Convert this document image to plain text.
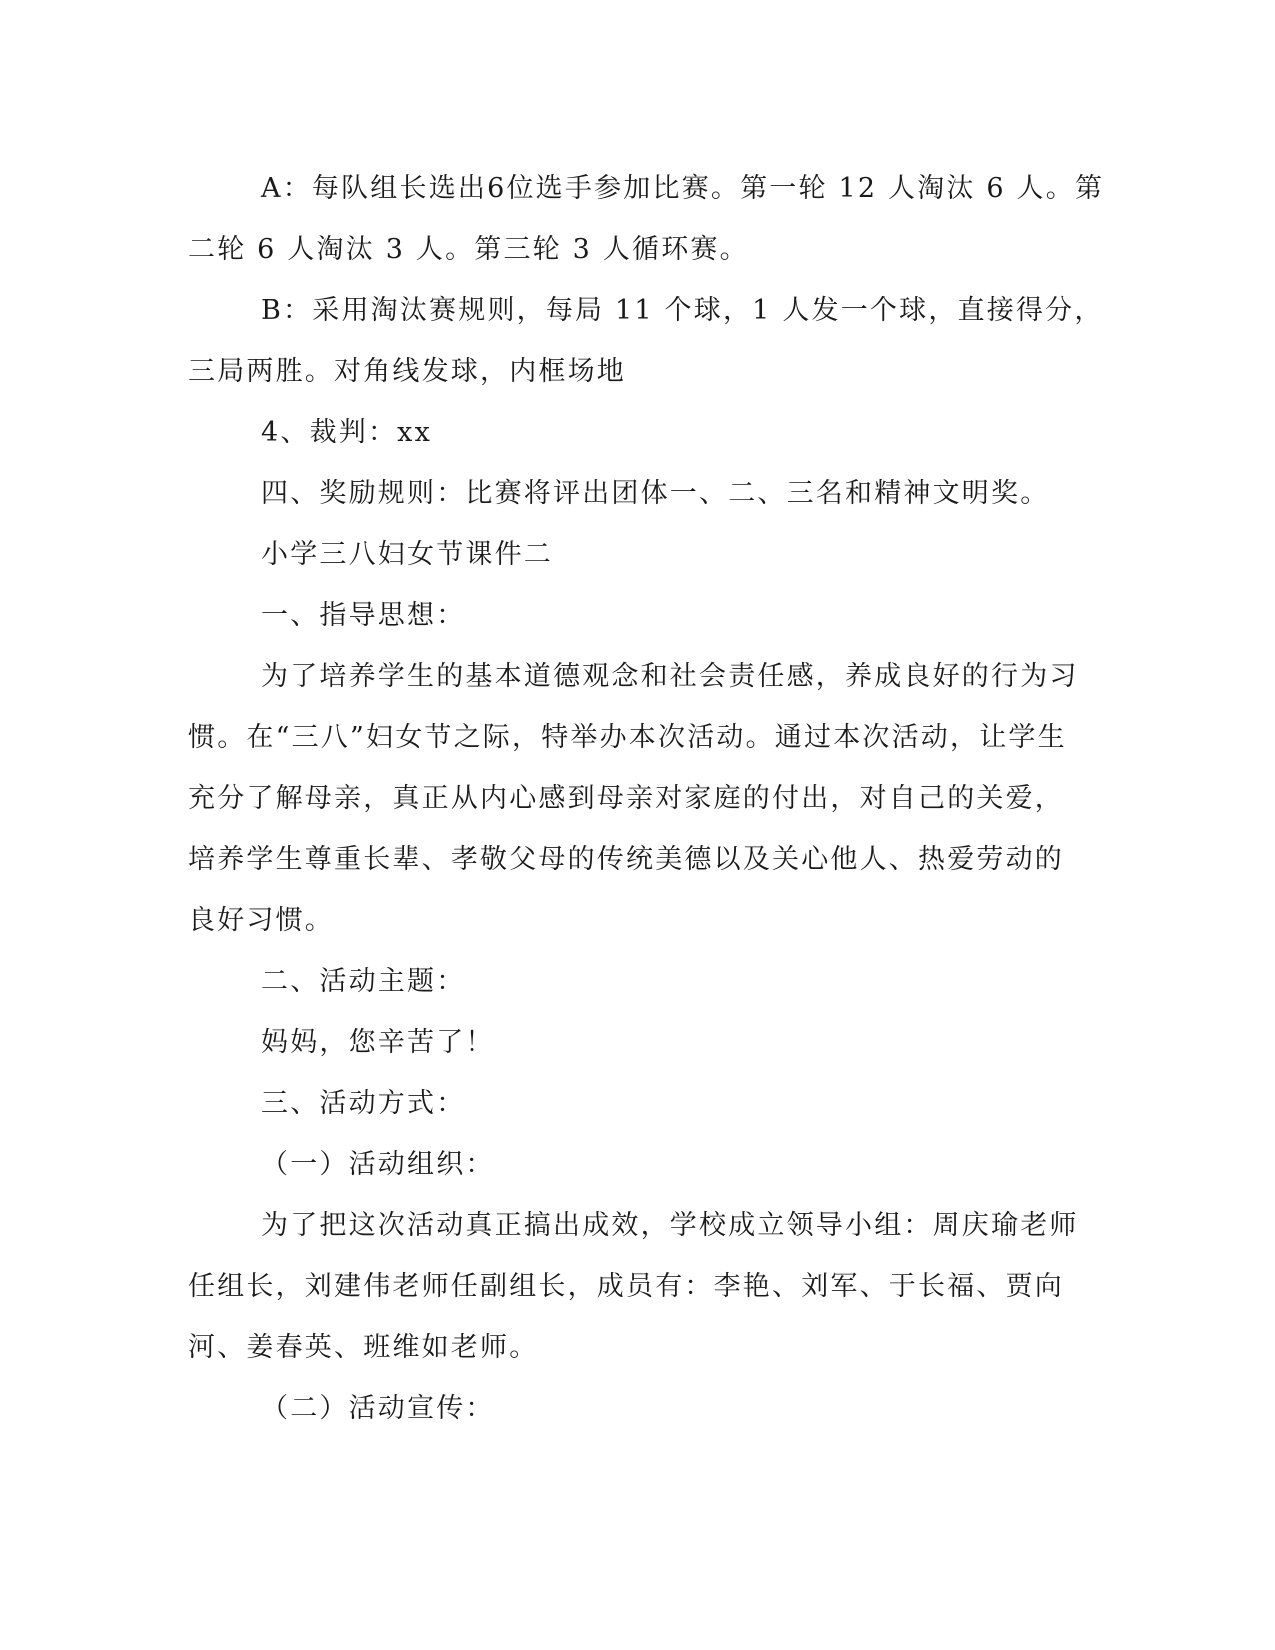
A：每队组长选出6位选手参加比赛。第一轮 12 人淘汰 6 人。第
二轮 6 人淘汰 3 人。第三轮 3 人循环赛。
B：采用淘汰赛规则，每局 11 个球，1 人发一个球，直接得分，
三局两胜。对角线发球，内框场地
4、裁判：xx
四、奖励规则：比赛将评出团体一、二、三名和精神文明奖。
小学三八妇女节课件二
一、指导思想：
为了培养学生的基本道德观念和社会责任感，养成良好的行为习
惯。在“三八”妇女节之际，特举办本次活动。通过本次活动，让学生
充分了解母亲，真正从内心感到母亲对家庭的付出，对自己的关爱，
培养学生尊重长辈、孝敬父母的传统美德以及关心他人、热爱劳动的
良好习惯。
二、活动主题：
妈妈，您辛苦了！
三、活动方式：
（一）活动组织：
为了把这次活动真正搞出成效，学校成立领导小组：周庆瑜老师
任组长，刘建伟老师任副组长，成员有：李艳、刘军、于长福、贾向
河、姜春英、班维如老师。
（二）活动宣传：
